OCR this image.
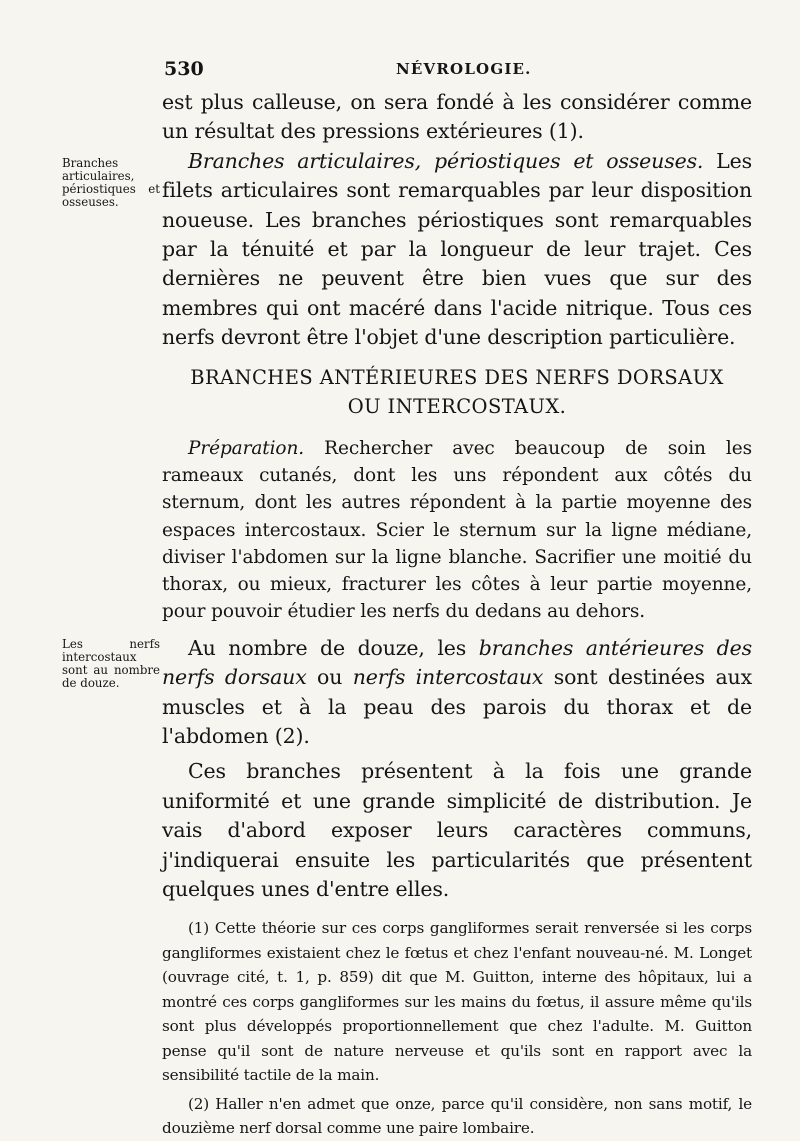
530	NÉVROLOGIE.
Branches articulaires, périostiques et osseuses.
Les nerfs intercostaux sont au nombre de douze.

est plus calleuse, on sera fondé à les considérer comme un résultat des pressions extérieures (1).

Branches articulaires, périostiques et osseuses. Les filets articulaires sont remarquables par leur disposition noueuse. Les branches périostiques sont remarquables par la ténuité et par la longueur de leur trajet. Ces dernières ne peuvent être bien vues que sur des membres qui ont macéré dans l'acide nitrique. Tous ces nerfs devront être l'objet d'une description particulière.

BRANCHES ANTÉRIEURES DES NERFS DORSAUX
OU INTERCOSTAUX.

Préparation. Rechercher avec beaucoup de soin les rameaux cutanés, dont les uns répondent aux côtés du sternum, dont les autres répondent à la partie moyenne des espaces intercostaux. Scier le sternum sur la ligne médiane, diviser l'abdomen sur la ligne blanche. Sacrifier une moitié du thorax, ou mieux, fracturer les côtes à leur partie moyenne, pour pouvoir étudier les nerfs du dedans au dehors.

Au nombre de douze, les branches antérieures des nerfs dorsaux ou nerfs intercostaux sont destinées aux muscles et à la peau des parois du thorax et de l'abdomen (2).

Ces branches présentent à la fois une grande uniformité et une grande simplicité de distribution. Je vais d'abord exposer leurs caractères communs, j'indiquerai ensuite les particularités que présentent quelques unes d'entre elles.

(1) Cette théorie sur ces corps gangliformes serait renversée si les corps gangliformes existaient chez le fœtus et chez l'enfant nouveau-né. M. Longet (ouvrage cité, t. 1, p. 859) dit que M. Guitton, interne des hôpitaux, lui a montré ces corps gangliformes sur les mains du fœtus, il assure même qu'ils sont plus développés proportionnellement que chez l'adulte. M. Guitton pense qu'il sont de nature nerveuse et qu'ils sont en rapport avec la sensibilité tactile de la main.

(2) Haller n'en admet que onze, parce qu'il considère, non sans motif, le douzième nerf dorsal comme une paire lombaire.
